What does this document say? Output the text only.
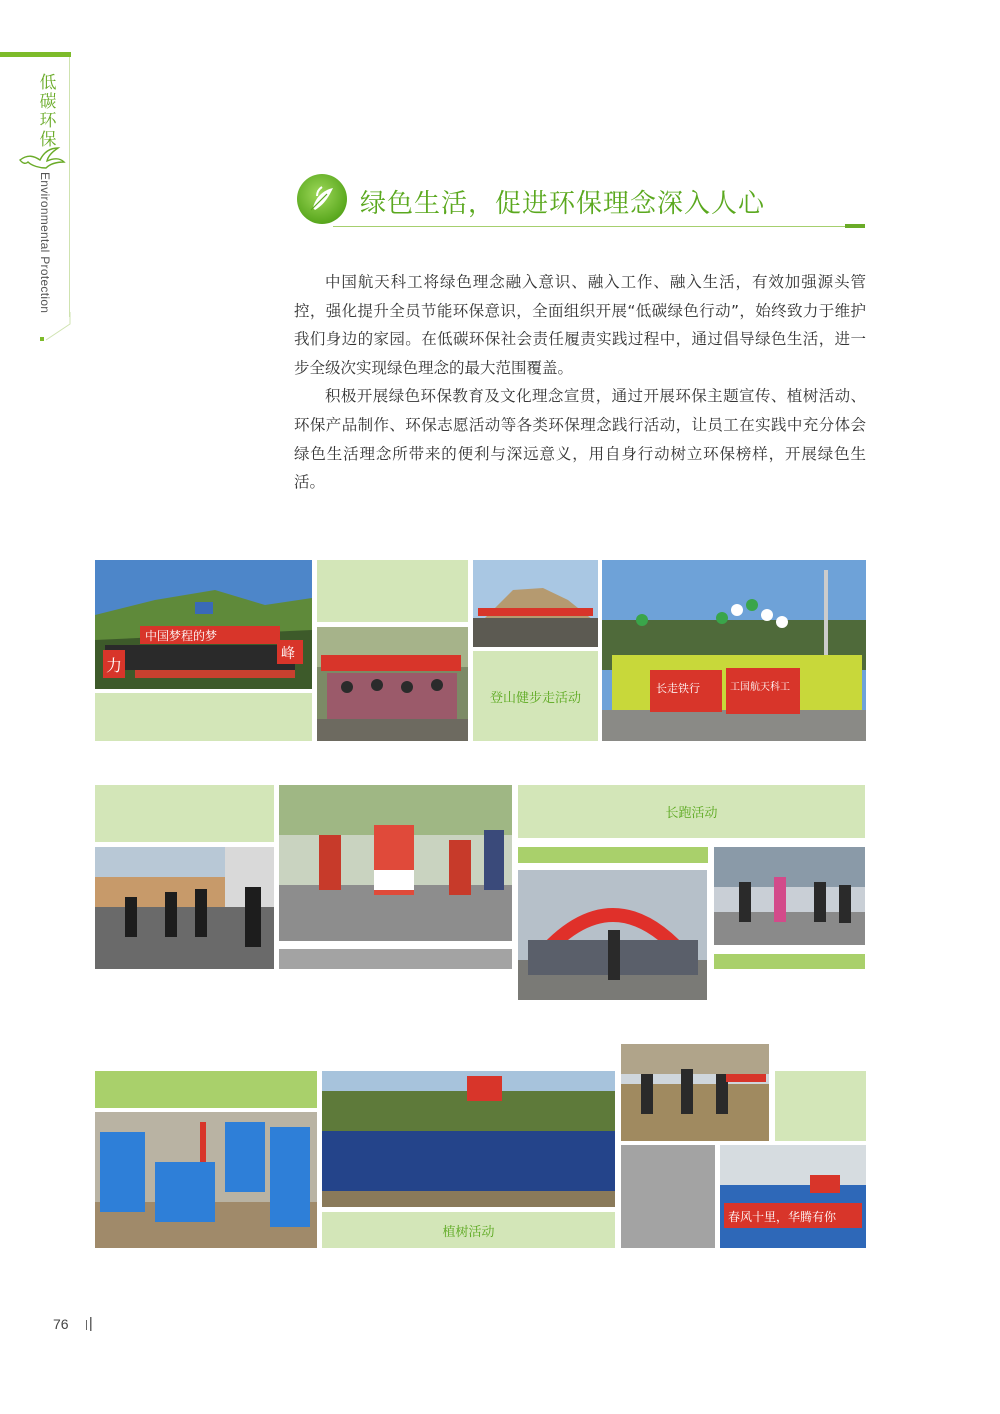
低碳环保
Environmental Protection	绿色生活，促进环保理念深入人心

中国航天科工将绿色理念融入意识、融入工作、融入生活，有效加强源头管控，强化提升全员节能环保意识，全面组织开展“低碳绿色行动”，始终致力于维护我们身边的家园。在低碳环保社会责任履责实践过程中，通过倡导绿色生活，进一步全级次实现绿色理念的最大范围覆盖。

积极开展绿色环保教育及文化理念宣贯，通过开展环保主题宣传、植树活动、环保产品制作、环保志愿活动等各类环保理念践行活动，让员工在实践中充分体会绿色生活理念所带来的便利与深远意义，用自身行动树立环保榜样，开展绿色生活。

中国梦程的梦
力
峰
登山健步走活动
长走铁行	工国航天科工
长跑活动
植树活动
春风十里，华腾有你
76
